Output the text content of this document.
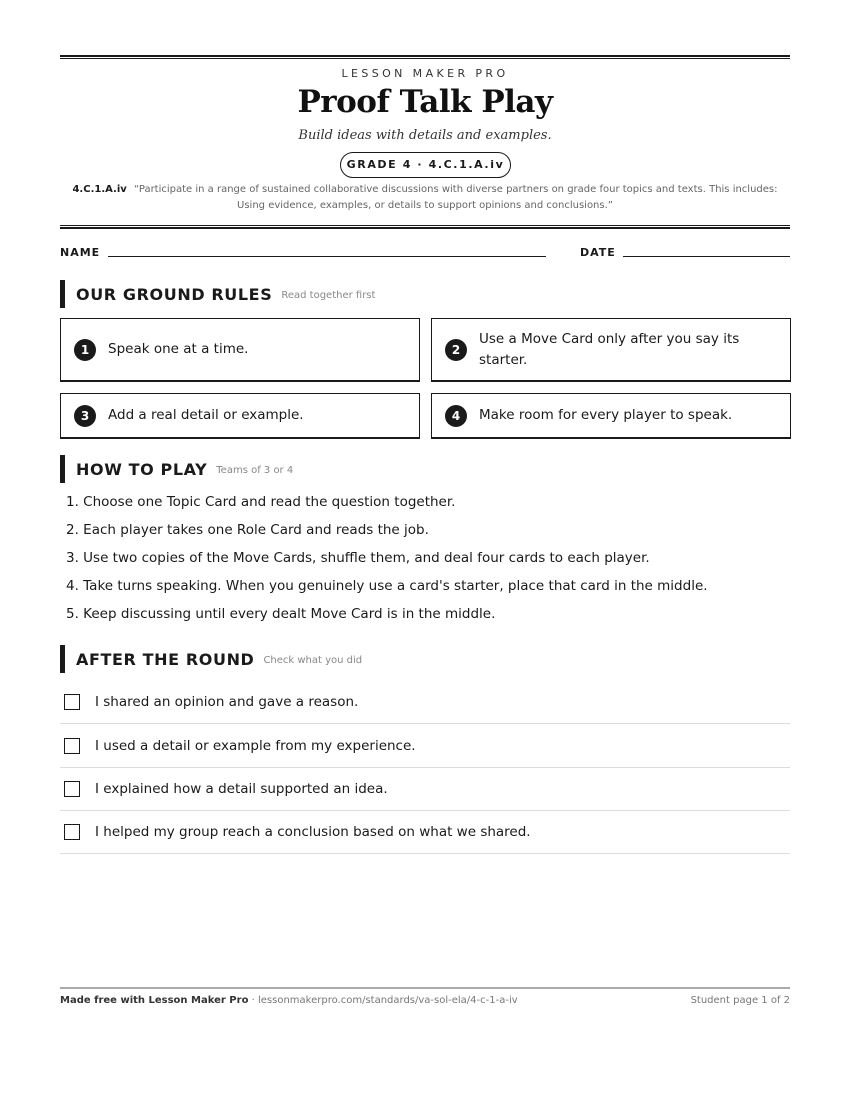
LESSON MAKER PRO
Proof Talk Play
Build ideas with details and examples.
GRADE 4 · 4.C.1.A.iv
4.C.1.A.iv “Participate in a range of sustained collaborative discussions with diverse partners on grade four topics and texts. This includes: Using evidence, examples, or details to support opinions and conclusions.”
NAME	DATE
OUR GROUND RULES Read together first
1	Speak one at a time.	2
Use a Move Card only after you say its starter.
3	Add a real detail or example.	4	Make room for every player to speak.
HOW TO PLAY Teams of 3 or 4
1. Choose one Topic Card and read the question together.
2. Each player takes one Role Card and reads the job.
3. Use two copies of the Move Cards, shuffle them, and deal four cards to each player.
4. Take turns speaking. When you genuinely use a card's starter, place that card in the middle.
5. Keep discussing until every dealt Move Card is in the middle.
AFTER THE ROUND Check what you did
I shared an opinion and gave a reason.
I used a detail or example from my experience.
I explained how a detail supported an idea.
I helped my group reach a conclusion based on what we shared.
Made free with Lesson Maker Pro · lessonmakerpro.com/standards/va-sol-ela/4-c-1-a-iv	Student page 1 of 2
